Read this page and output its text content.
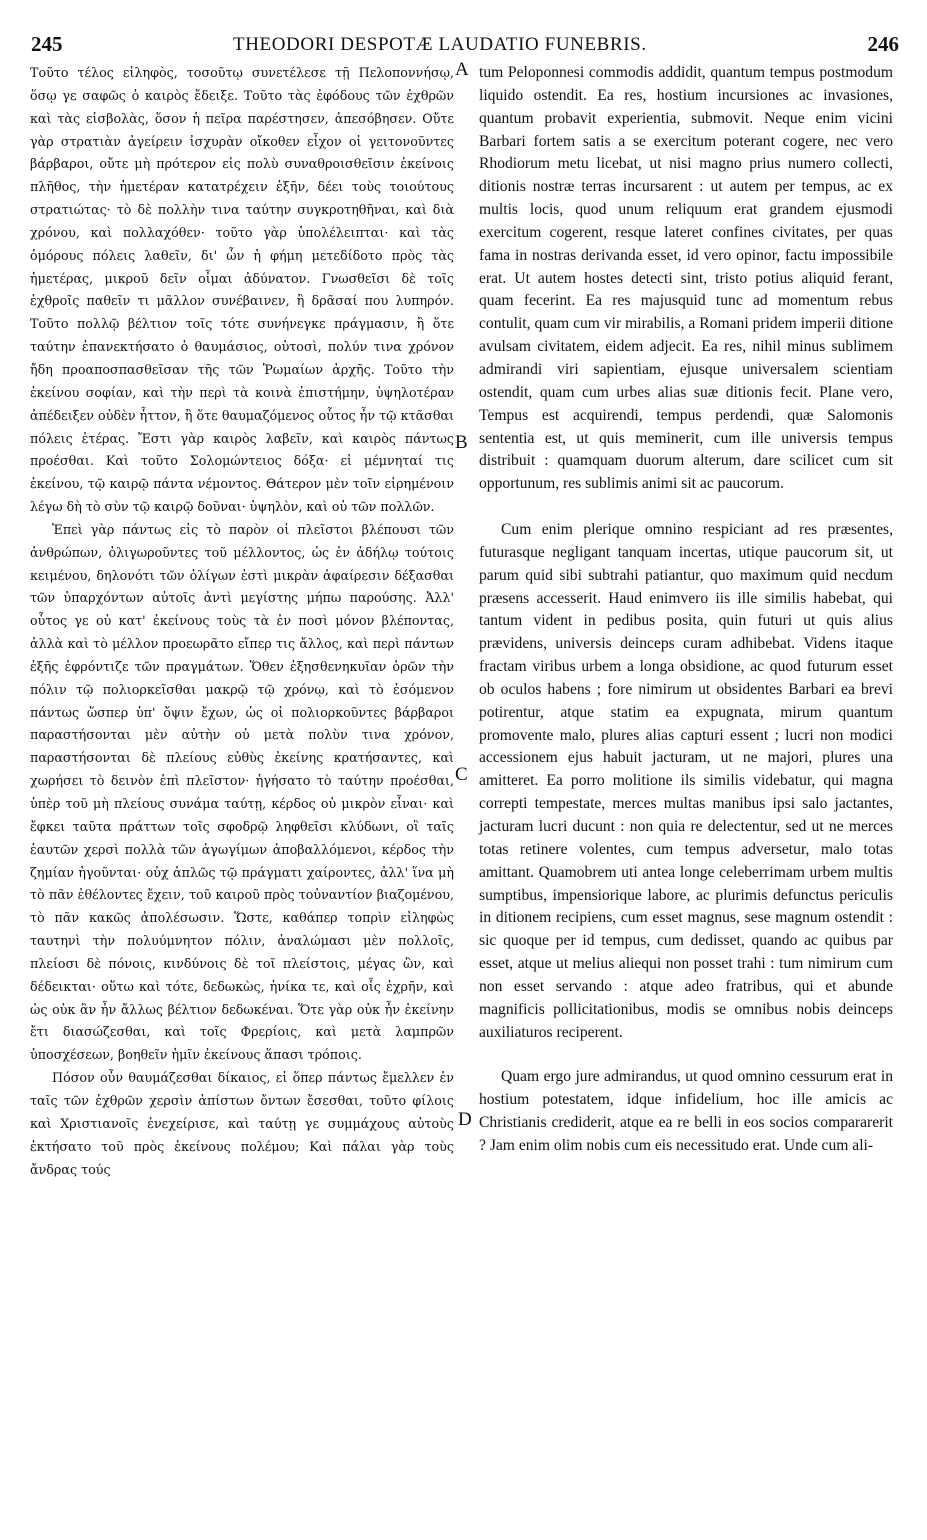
245	THEODORI DESPOTÆ LAUDATIO FUNEBRIS.	246

Τοῦτο τέλος εἰληφὸς, τοσοῦτῳ συνετέλεσε τῇ Πελοποννήσῳ, ὅσῳ γε σαφῶς ὁ καιρὸς ἔδειξε. Τοῦτο τὰς ἐφόδους τῶν ἐχθρῶν καὶ τὰς εἰσβολὰς, ὅσον ἡ πεῖρα παρέστησεν, ἀπεσόβησεν. Οὔτε γὰρ στρατιὰν ἀγείρειν ἰσχυρὰν οἴκοθεν εἶχον οἱ γειτονοῦντες βάρβαροι, οὔτε μὴ πρότερον εἰς πολὺ συναθροισθεῖσιν ἐκείνοις πλῆθος, τὴν ἡμετέραν κατατρέχειν ἐξῆν, δέει τοὺς τοιούτους στρατιώτας· τὸ δὲ πολλὴν τινα ταύτην συγκροτηθῆναι, καὶ διὰ χρόνου, καὶ πολλαχόθεν· τοῦτο γὰρ ὑπολέλειπται· καὶ τὰς ὁμόρους πόλεις λαθεῖν, δι' ὧν ἡ φήμη μετεδίδοτο πρὸς τὰς ἡμετέρας, μικροῦ δεῖν οἶμαι ἀδύνατον. Γνωσθεῖσι δὲ τοῖς ἐχθροῖς παθεῖν τι μᾶλλον συνέβαινεν, ἢ δρᾶσαί που λυπηρόν. Τοῦτο πολλῷ βέλτιον τοῖς τότε συνήνεγκε πράγμασιν, ἢ ὅτε ταύτην ἐπανεκτήσατο ὁ θαυμάσιος, οὑτοσὶ, πολύν τινα χρόνον ἤδη προαποσπασθεῖσαν τῆς τῶν Ῥωμαίων ἀρχῆς. Τοῦτο τὴν ἐκείνου σοφίαν, καὶ τὴν περὶ τὰ κοινὰ ἐπιστήμην, ὑψηλοτέραν ἀπέδειξεν οὐδὲν ἧττον, ἢ ὅτε θαυμαζόμενος οὗτος ἦν τῷ κτᾶσθαι πόλεις ἑτέρας. Ἔστι γὰρ καιρὸς λαβεῖν, καὶ καιρὸς πάντως προέσθαι. Καὶ τοῦτο Σολομώντειος δόξα· εἰ μέμνηταί τις ἐκείνου, τῷ καιρῷ πάντα νέμοντος. Θάτερον μὲν τοῖν εἰρημένοιν λέγω δὴ τὸ σὺν τῷ καιρῷ δοῦναι· ὑψηλὸν, καὶ οὐ τῶν πολλῶν.

Ἐπεὶ γὰρ πάντως εἰς τὸ παρὸν οἱ πλεῖστοι βλέπουσι τῶν ἀνθρώπων, ὀλιγωροῦντες τοῦ μέλλοντος, ὡς ἐν ἀδήλῳ τούτοις κειμένου, δηλονότι τῶν ὀλίγων ἐστὶ μικρὰν ἀφαίρεσιν δέξασθαι τῶν ὑπαρχόντων αὐτοῖς ἀντὶ μεγίστης μήπω παρούσης. Ἀλλ' οὗτος γε οὐ κατ' ἐκείνους τοὺς τὰ ἐν ποσὶ μόνον βλέποντας, ἀλλὰ καὶ τὸ μέλλον προεωρᾶτο εἴπερ τις ἄλλος, καὶ περὶ πάντων ἐξῆς ἐφρόντιζε τῶν πραγμάτων. Ὅθεν ἐξησθενηκυῖαν ὁρῶν τὴν πόλιν τῷ πολιορκεῖσθαι μακρῷ τῷ χρόνῳ, καὶ τὸ ἐσόμενον πάντως ὥσπερ ὑπ' ὄψιν ἔχων, ὡς οἱ πολιορκοῦντες βάρβαροι παραστήσονται μὲν αὐτὴν οὐ μετὰ πολὺν τινα χρόνον, παραστήσονται δὲ πλείους εὐθὺς ἐκείνης κρατήσαντες, καὶ χωρήσει τὸ δεινὸν ἐπὶ πλεῖστον· ἡγήσατο τὸ ταύτην προέσθαι, ὑπὲρ τοῦ μὴ πλείους συνάμα ταύτῃ, κέρδος οὐ μικρὸν εἶναι· καὶ ἔφκει ταῦτα πράττων τοῖς σφοδρῷ ληφθεῖσι κλύδωνι, οἳ ταῖς ἑαυτῶν χερσὶ πολλὰ τῶν ἀγωγίμων ἀποβαλλόμενοι, κέρδος τὴν ζημίαν ἡγοῦνται· οὐχ ἁπλῶς τῷ πράγματι χαίροντες, ἀλλ' ἵνα μὴ τὸ πᾶν ἐθέλοντες ἔχειν, τοῦ καιροῦ πρὸς τοὐναντίον βιαζομένου, τὸ πᾶν κακῶς ἀπολέσωσιν. Ὥστε, καθάπερ τοπρὶν εἰληφὼς ταυτηνὶ τὴν πολυύμνητον πόλιν, ἀναλώμασι μὲν πολλοῖς, πλείοσι δὲ πόνοις, κινδύνοις δὲ τοῖ πλείστοις, μέγας ὢν, καὶ δέδεικται· οὕτω καὶ τότε, δεδωκὼς, ἡνίκα τε, καὶ οἷς ἐχρῆν, καὶ ὡς οὐκ ἂν ἦν ἄλλως βέλτιον δεδωκέναι. Ὅτε γὰρ οὐκ ἦν ἐκείνην ἔτι διασώζεσθαι, καὶ τοῖς Φρερίοις, καὶ μετὰ λαμπρῶν ὑποσχέσεων, βοηθεῖν ἡμῖν ἐκείνους ἅπασι τρόποις.

Πόσον οὖν θαυμάζεσθαι δίκαιος, εἰ ὅπερ πάντως ἔμελλεν ἐν ταῖς τῶν ἐχθρῶν χερσὶν ἀπίστων ὄντων ἔσεσθαι, τοῦτο φίλοις καὶ Χριστιανοῖς ἐνεχείρισε, καὶ ταύτῃ γε συμμάχους αὐτοὺς ἐκτήσατο τοῦ πρὸς ἐκείνους πολέμου; Καὶ πάλαι γὰρ τοὺς ἄνδρας τούς

A
B
C
D

tum Peloponnesi commodis addidit, quantum tempus postmodum liquido ostendit. Ea res, hostium incursiones ac invasiones, quantum probavit experientia, submovit. Neque enim vicini Barbari fortem satis a se exercitum poterant cogere, nec vero Rhodiorum metu licebat, ut nisi magno prius numero collecti, ditionis nostræ terras incursarent : ut autem per tempus, ac ex multis locis, quod unum reliquum erat grandem ejusmodi exercitum cogerent, resque lateret confines civitates, per quas fama in nostras derivanda esset, id vero opinor, factu impossibile erat. Ut autem hostes detecti sint, tristo potius aliquid ferant, quam fecerint. Ea res majusquid tunc ad momentum rebus contulit, quam cum vir mirabilis, a Romani pridem imperii ditione avulsam civitatem, eidem adjecit. Ea res, nihil minus sublimem admirandi viri sapientiam, ejusque universalem scientiam ostendit, quam cum urbes alias suæ ditionis fecit. Plane vero, Tempus est acquirendi, tempus perdendi, quæ Salomonis sententia est, ut quis meminerit, cum ille universis tempus distribuit : quamquam duorum alterum, dare scilicet cum sit opportunum, res sublimis animi sit ac paucorum.

Cum enim plerique omnino respiciant ad res præsentes, futurasque negligant tanquam incertas, utique paucorum sit, ut parum quid sibi subtrahi patiantur, quo maximum quid necdum præsens accesserit. Haud enimvero iis ille similis habebat, qui tantum vident in pedibus posita, quin futuri ut quis alius prævidens, universis deinceps curam adhibebat. Videns itaque fractam viribus urbem a longa obsidione, ac quod futurum esset ob oculos habens ; fore nimirum ut obsidentes Barbari ea brevi potirentur, atque statim ea expugnata, mirum quantum promovente malo, plures alias capturi essent ; lucri non modici accessionem ejus habuit jacturam, ut ne majori, plures una amitteret. Ea porro molitione ils similis videbatur, qui magna correpti tempestate, merces multas manibus ipsi salo jactantes, jacturam lucri ducunt : non quia re delectentur, sed ut ne merces totas retinere volentes, cum tempus adversetur, malo totas amittant. Quamobrem uti antea longe celeberrimam urbem multis sumptibus, impensiorique labore, ac plurimis defunctus periculis in ditionem recipiens, cum esset magnus, sese magnum ostendit : sic quoque per id tempus, cum dedisset, quando ac quibus par esset, atque ut melius aliequi non posset trahi : tum nimirum cum non esset servando : atque adeo fratribus, qui et abunde magnificis pollicitationibus, modis se omnibus nobis deinceps auxiliaturos reciperent.

Quam ergo jure admirandus, ut quod omnino cessurum erat in hostium potestatem, idque infidelium, hoc ille amicis ac Christianis crediderit, atque ea re belli in eos socios compararerit ? Jam enim olim nobis cum eis necessitudo erat. Unde cum ali-
